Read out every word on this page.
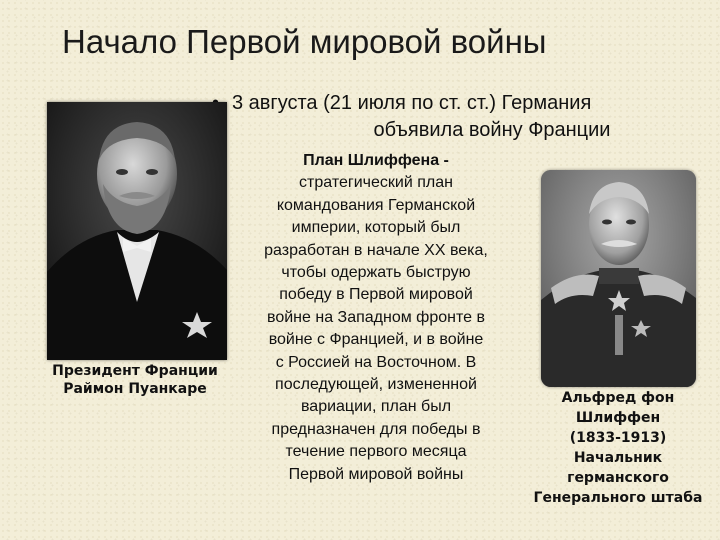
Начало Первой мировой войны
3 августа (21 июля по ст. ст.) Германия
объявила войну Франции
Президент Франции
Раймон Пуанкаре
План Шлиффена -
стратегический план
командования Германской
империи, который был
разработан в начале XX века,
чтобы одержать быструю
победу в Первой мировой
войне на Западном фронте в
войне с Францией, и в войне
с Россией на Восточном. В
последующей, измененной
вариации, план был
предназначен для победы в
течение первого месяца
Первой мировой войны
Альфред фон
Шлиффен
(1833-1913)
Начальник
германского
Генерального штаба
